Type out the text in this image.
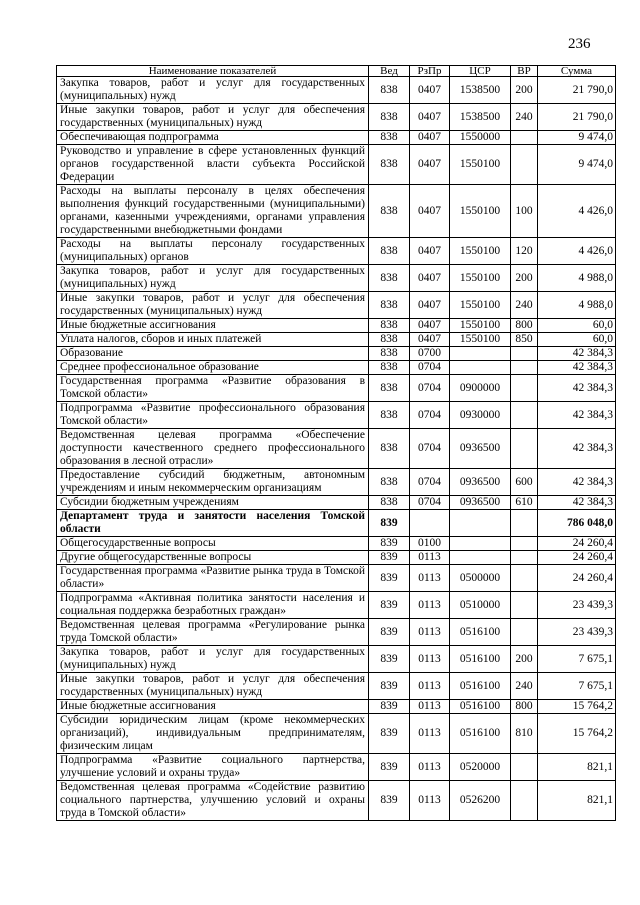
236
Наименование показателей	Вед	РзПр	ЦСР	ВР	Сумма
Закупка товаров, работ и услуг для государственных (муниципальных) нужд	838	0407	1538500	200	21 790,0
Иные закупки товаров, работ и услуг для обеспечения государственных (муниципальных) нужд	838	0407	1538500	240	21 790,0
Обеспечивающая подпрограмма	838	0407	1550000		9 474,0
Руководство и управление в сфере установленных функций органов государственной власти субъекта Российской Федерации	838	0407	1550100		9 474,0
Расходы на выплаты персоналу в целях обеспечения выполнения функций государственными (муниципальными) органами, казенными учреждениями, органами управления государственными внебюджетными фондами	838	0407	1550100	100	4 426,0
Расходы на выплаты персоналу государственных (муниципальных) органов	838	0407	1550100	120	4 426,0
Закупка товаров, работ и услуг для государственных (муниципальных) нужд	838	0407	1550100	200	4 988,0
Иные закупки товаров, работ и услуг для обеспечения государственных (муниципальных) нужд	838	0407	1550100	240	4 988,0
Иные бюджетные ассигнования	838	0407	1550100	800	60,0
Уплата налогов, сборов и иных платежей	838	0407	1550100	850	60,0
Образование	838	0700			42 384,3
Среднее профессиональное образование	838	0704			42 384,3
Государственная программа «Развитие образования в Томской области»	838	0704	0900000		42 384,3
Подпрограмма «Развитие профессионального образования Томской области»	838	0704	0930000		42 384,3
Ведомственная целевая программа «Обеспечение доступности качественного среднего профессионального образования в лесной отрасли»	838	0704	0936500		42 384,3
Предоставление субсидий бюджетным, автономным учреждениям и иным некоммерческим организациям	838	0704	0936500	600	42 384,3
Субсидии бюджетным учреждениям	838	0704	0936500	610	42 384,3
Департамент труда и занятости населения Томской области	839				786 048,0
Общегосударственные вопросы	839	0100			24 260,4
Другие общегосударственные вопросы	839	0113			24 260,4
Государственная программа «Развитие рынка труда в Томской области»	839	0113	0500000		24 260,4
Подпрограмма «Активная политика занятости населения и социальная поддержка безработных граждан»	839	0113	0510000		23 439,3
Ведомственная целевая программа «Регулирование рынка труда Томской области»	839	0113	0516100		23 439,3
Закупка товаров, работ и услуг для государственных (муниципальных) нужд	839	0113	0516100	200	7 675,1
Иные закупки товаров, работ и услуг для обеспечения государственных (муниципальных) нужд	839	0113	0516100	240	7 675,1
Иные бюджетные ассигнования	839	0113	0516100	800	15 764,2
Субсидии юридическим лицам (кроме некоммерческих организаций), индивидуальным предпринимателям, физическим лицам	839	0113	0516100	810	15 764,2
Подпрограмма «Развитие социального партнерства, улучшение условий и охраны труда»	839	0113	0520000		821,1
Ведомственная целевая программа «Содействие развитию социального партнерства, улучшению условий и охраны труда в Томской области»	839	0113	0526200		821,1
